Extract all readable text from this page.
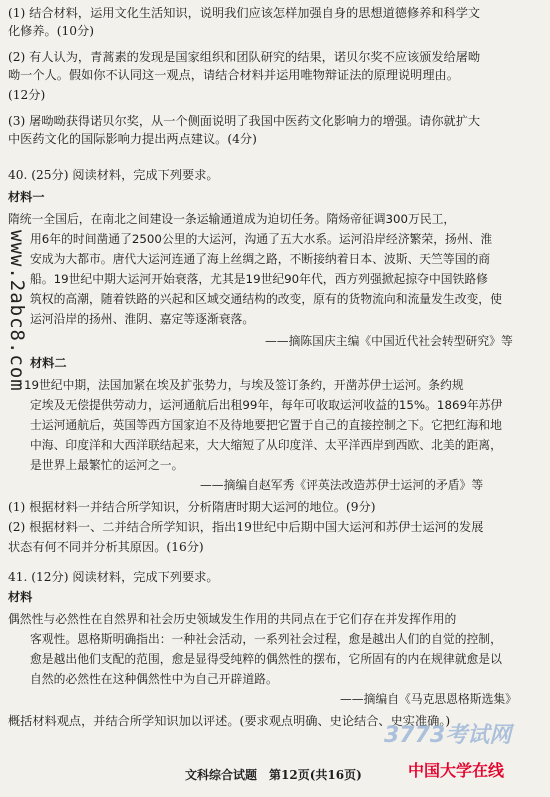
(1) 结合材料，运用文化生活知识，说明我们应该怎样加强自身的思想道德修养和科学文
化修养。(10分)
(2) 有人认为，青蒿素的发现是国家组织和团队研究的结果，诺贝尔奖不应该颁发给屠呦
呦一个人。假如你不认同这一观点，请结合材料并运用唯物辩证法的原理说明理由。
(12分)
(3) 屠呦呦获得诺贝尔奖，从一个侧面说明了我国中医药文化影响力的增强。请你就扩大
中医药文化的国际影响力提出两点建议。(4分)
40. (25分) 阅读材料，完成下列要求。
材料一
隋统一全国后，在南北之间建设一条运输通道成为迫切任务。隋炀帝征调300万民工，
用6年的时间凿通了2500公里的大运河，沟通了五大水系。运河沿岸经济繁荣，扬州、淮
安成为大都市。唐代大运河连通了海上丝绸之路，不断接纳着日本、波斯、天竺等国的商
船。19世纪中期大运河开始衰落，尤其是19世纪90年代，西方列强掀起掠夺中国铁路修
筑权的高潮，随着铁路的兴起和区域交通结构的改变，原有的货物流向和流量发生改变，使
运河沿岸的扬州、淮阴、嘉定等逐渐衰落。
——摘陈国庆主编《中国近代社会转型研究》等
材料二
19世纪中期，法国加紧在埃及扩张势力，与埃及签订条约，开凿苏伊士运河。条约规
定埃及无偿提供劳动力，运河通航后出租99年，每年可收取运河收益的15%。1869年苏伊
士运河通航后，英国等西方国家迫不及待地要把它置于自己的直接控制之下。它把红海和地
中海、印度洋和大西洋联结起来，大大缩短了从印度洋、太平洋西岸到西欧、北美的距离，
是世界上最繁忙的运河之一。
——摘编自赵军秀《评英法改造苏伊士运河的矛盾》等
(1) 根据材料一并结合所学知识，分析隋唐时期大运河的地位。(9分)
(2) 根据材料一、二并结合所学知识，指出19世纪中后期中国大运河和苏伊士运河的发展
状态有何不同并分析其原因。(16分)
41. (12分) 阅读材料，完成下列要求。
材料
偶然性与必然性在自然界和社会历史领域发生作用的共同点在于它们存在并发挥作用的
客观性。恩格斯明确指出：一种社会活动，一系列社会过程，愈是越出人们的自觉的控制，
愈是越出他们支配的范围，愈是显得受纯粹的偶然性的摆布，它所固有的内在规律就愈是以
自然的必然性在这种偶然性中为自己开辟道路。
——摘编自《马克思恩格斯选集》
概括材料观点，并结合所学知识加以评述。(要求观点明确、史论结合、史实准确。)
www.2abc8.com
3773考试网
中国大学在线
文科综合试题　第12页(共16页)
